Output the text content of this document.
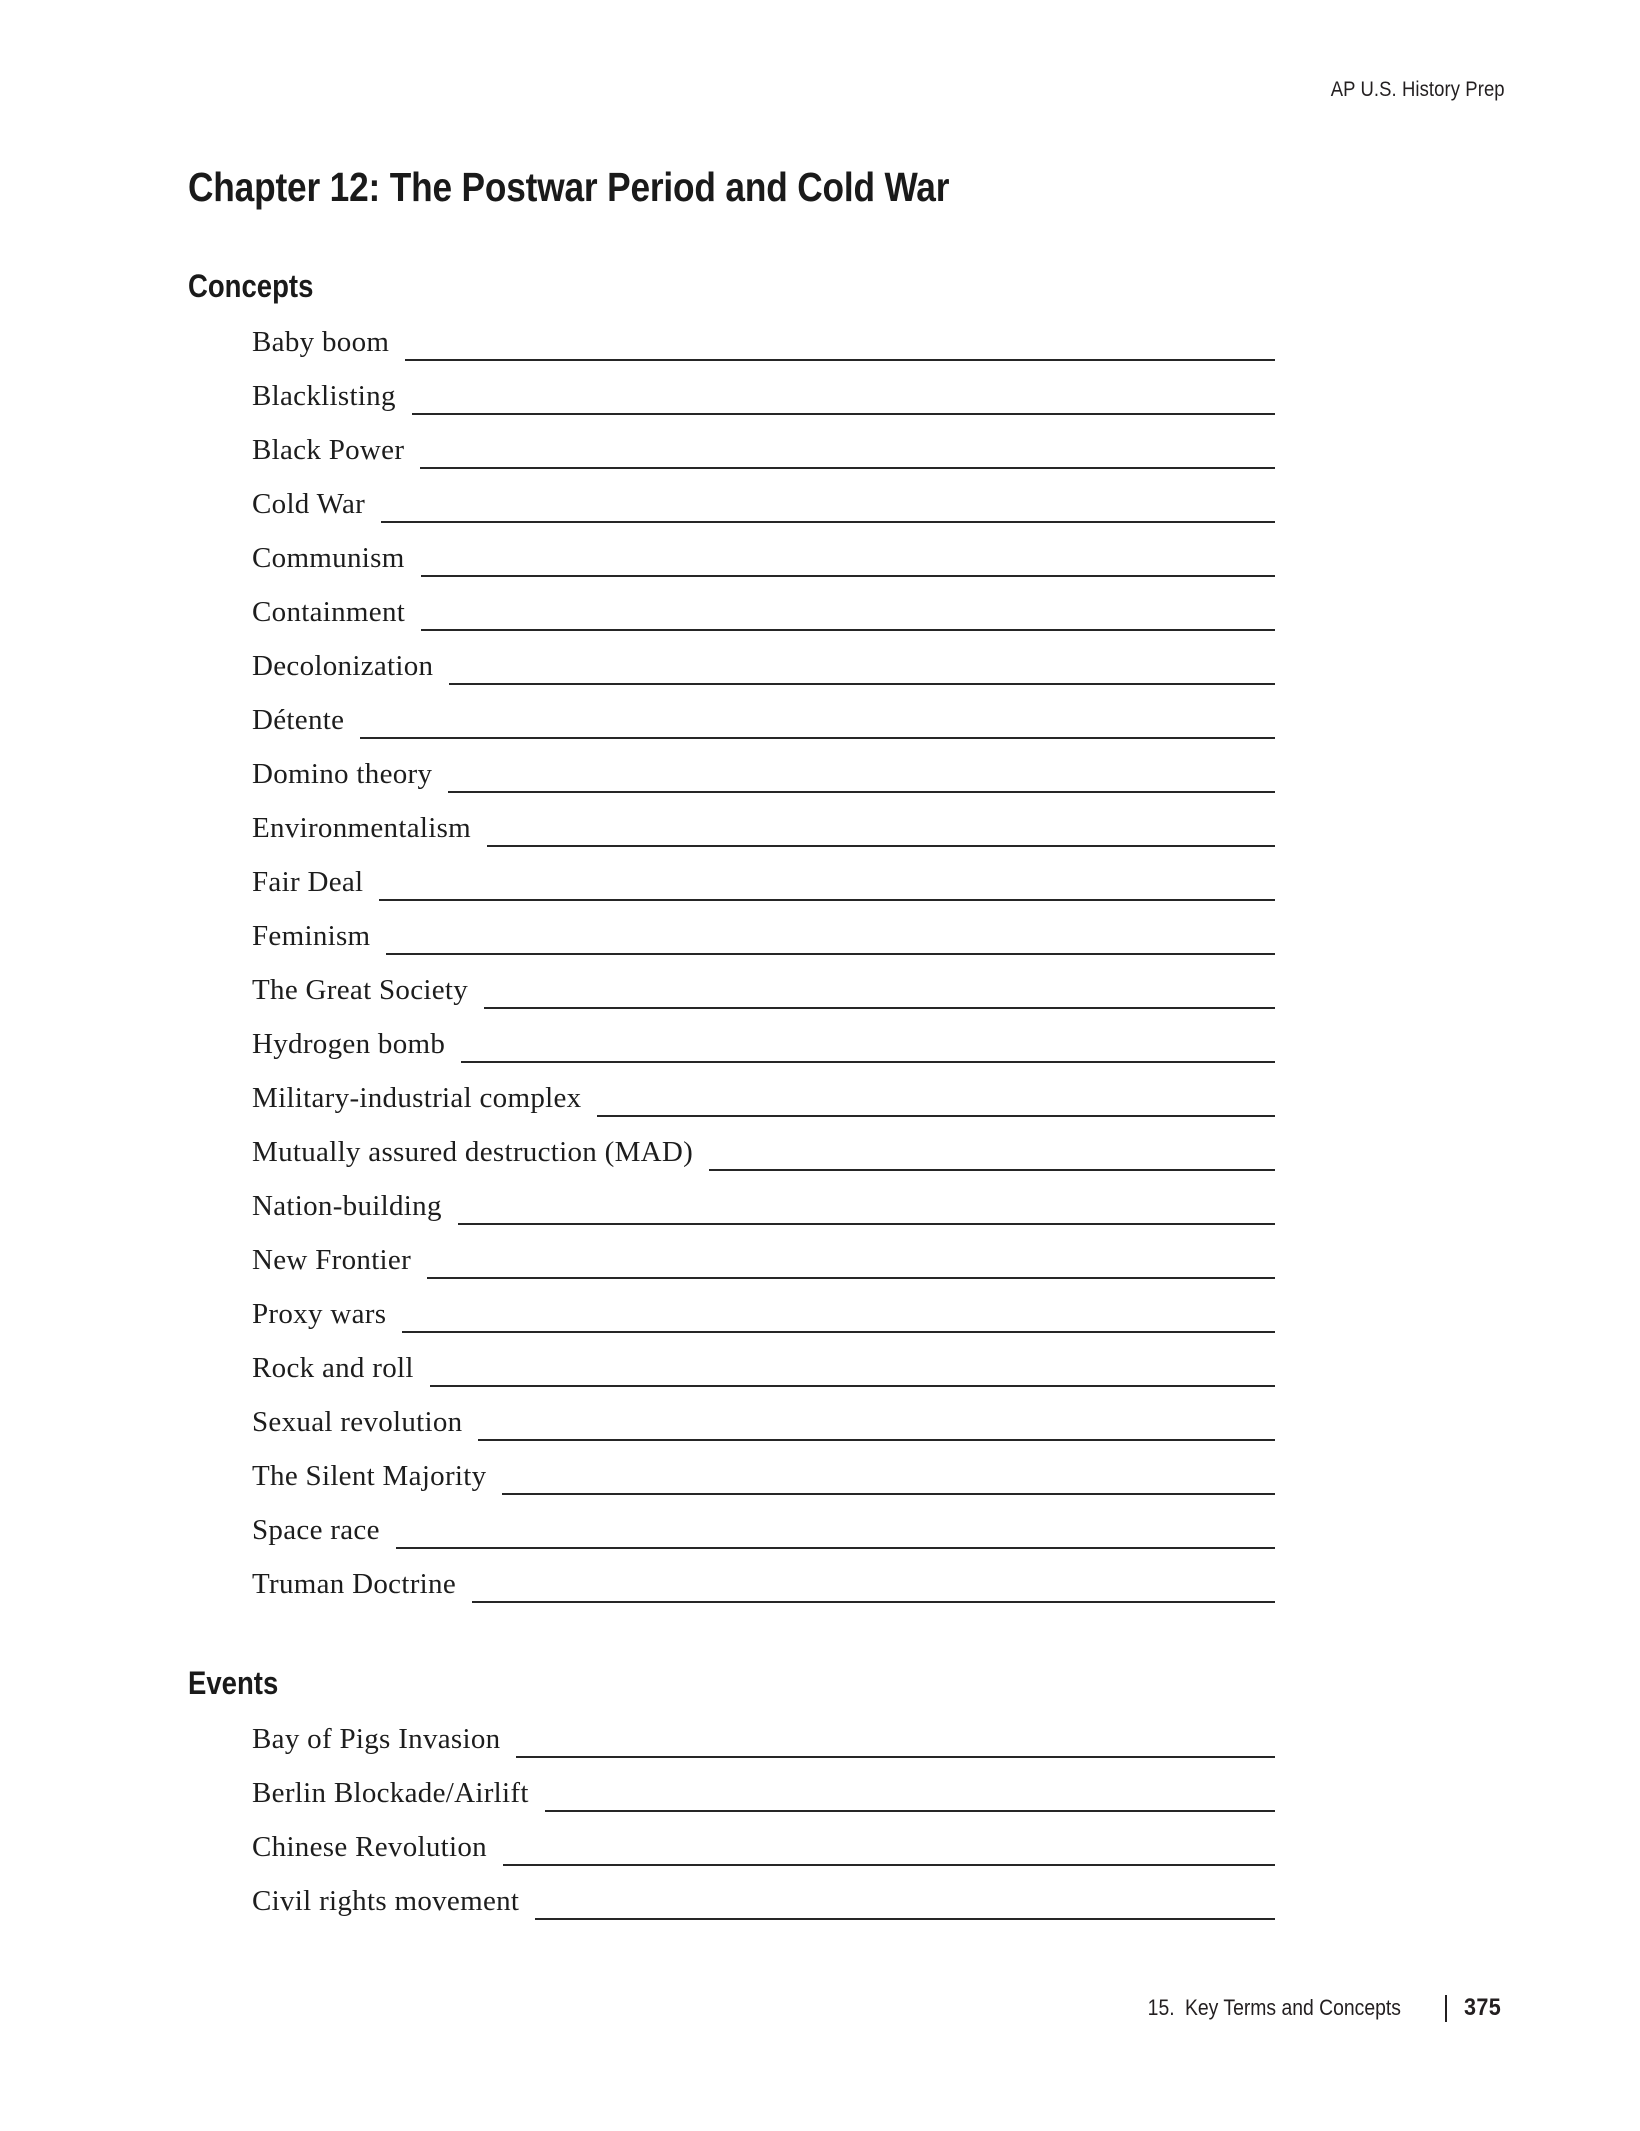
AP U.S. History Prep
Chapter 12: The Postwar Period and Cold War
Concepts
Baby boom
Blacklisting
Black Power
Cold War
Communism
Containment
Decolonization
Détente
Domino theory
Environmentalism
Fair Deal
Feminism
The Great Society
Hydrogen bomb
Military-industrial complex
Mutually assured destruction (MAD)
Nation-building
New Frontier
Proxy wars
Rock and roll
Sexual revolution
The Silent Majority
Space race
Truman Doctrine
Events
Bay of Pigs Invasion
Berlin Blockade/Airlift
Chinese Revolution
Civil rights movement
15. Key Terms and Concepts	375
